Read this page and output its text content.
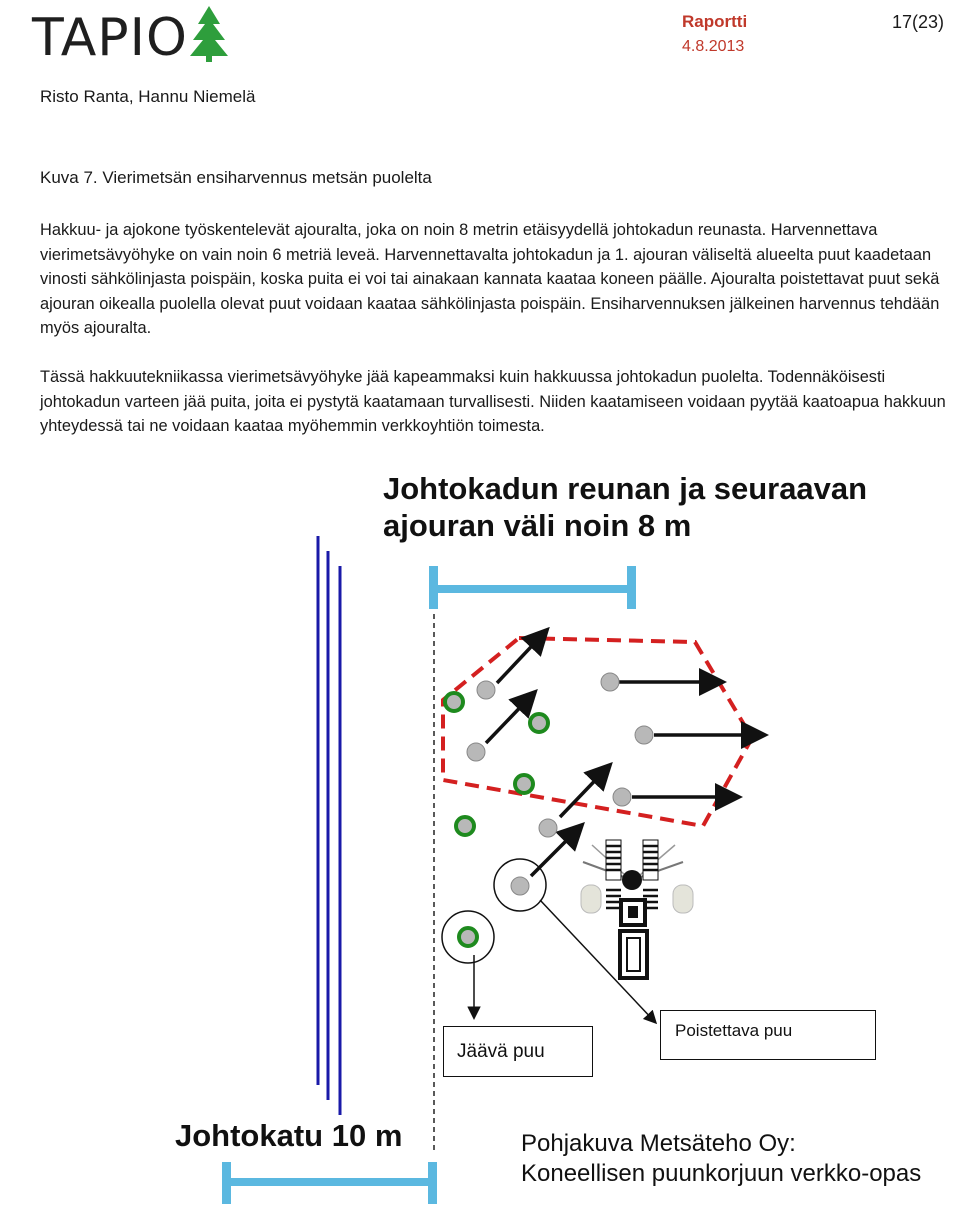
TAPIO	Raportti
4.8.2013
17(23)
Risto Ranta, Hannu Niemelä
Kuva 7. Vierimetsän ensiharvennus metsän puolelta
Hakkuu- ja ajokone työskentelevät ajouralta, joka on noin 8 metrin etäisyydellä johtokadun reunasta. Harvennettava vierimetsävyöhyke on vain noin 6 metriä leveä. Harvennettavalta johtokadun ja 1. ajouran väliseltä alueelta puut kaadetaan vinosti sähkölinjasta poispäin, koska puita ei voi tai ainakaan kannata kaataa koneen päälle. Ajouralta poistettavat puut sekä ajouran oikealla puolella olevat puut voidaan kaataa sähkölinjasta poispäin. Ensiharvennuksen jälkeinen harvennus tehdään myös ajouralta.
Tässä hakkuutekniikassa vierimetsävyöhyke jää kapeammaksi kuin hakkuussa johtokadun puolelta. Todennäköisesti johtokadun varteen jää puita, joita ei pystytä kaatamaan turvallisesti. Niiden kaatamiseen voidaan pyytää kaatoapua hakkuun yhteydessä tai ne voidaan kaataa myöhemmin verkkoyhtiön toimesta.
Johtokadun reunan ja seuraavan
ajouran väli noin 8 m
Jäävä puu
Poistettava puu
Johtokatu 10 m	Pohjakuva Metsäteho Oy:
Koneellisen puunkorjuun verkko-opas
